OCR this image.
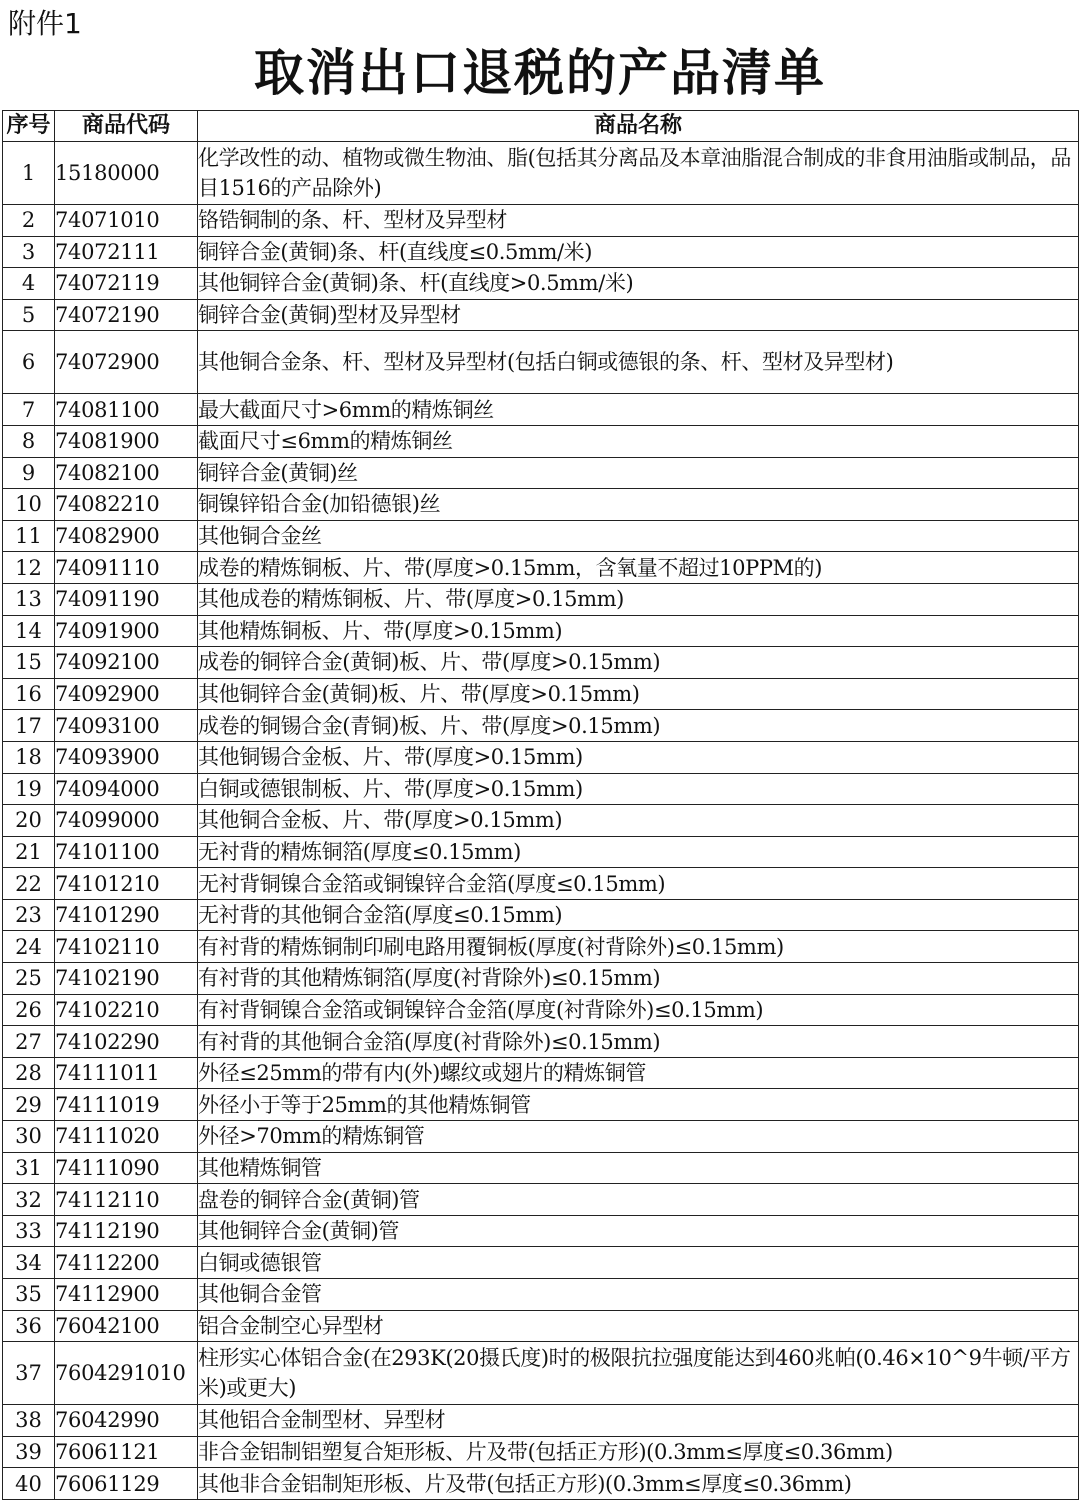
附件1
取消出口退税的产品清单
序号	商品代码	商品名称
1	15180000	化学改性的动、植物或微生物油、脂(包括其分离品及本章油脂混合制成的非食用油脂或制品，品目1516的产品除外)
2	74071010	铬锆铜制的条、杆、型材及异型材
3	74072111	铜锌合金(黄铜)条、杆(直线度≤0.5mm/米)
4	74072119	其他铜锌合金(黄铜)条、杆(直线度>0.5mm/米)
5	74072190	铜锌合金(黄铜)型材及异型材
6	74072900	其他铜合金条、杆、型材及异型材(包括白铜或德银的条、杆、型材及异型材)
7	74081100	最大截面尺寸>6mm的精炼铜丝
8	74081900	截面尺寸≤6mm的精炼铜丝
9	74082100	铜锌合金(黄铜)丝
10	74082210	铜镍锌铅合金(加铅德银)丝
11	74082900	其他铜合金丝
12	74091110	成卷的精炼铜板、片、带(厚度>0.15mm，含氧量不超过10PPM的)
13	74091190	其他成卷的精炼铜板、片、带(厚度>0.15mm)
14	74091900	其他精炼铜板、片、带(厚度>0.15mm)
15	74092100	成卷的铜锌合金(黄铜)板、片、带(厚度>0.15mm)
16	74092900	其他铜锌合金(黄铜)板、片、带(厚度>0.15mm)
17	74093100	成卷的铜锡合金(青铜)板、片、带(厚度>0.15mm)
18	74093900	其他铜锡合金板、片、带(厚度>0.15mm)
19	74094000	白铜或德银制板、片、带(厚度>0.15mm)
20	74099000	其他铜合金板、片、带(厚度>0.15mm)
21	74101100	无衬背的精炼铜箔(厚度≤0.15mm)
22	74101210	无衬背铜镍合金箔或铜镍锌合金箔(厚度≤0.15mm)
23	74101290	无衬背的其他铜合金箔(厚度≤0.15mm)
24	74102110	有衬背的精炼铜制印刷电路用覆铜板(厚度(衬背除外)≤0.15mm)
25	74102190	有衬背的其他精炼铜箔(厚度(衬背除外)≤0.15mm)
26	74102210	有衬背铜镍合金箔或铜镍锌合金箔(厚度(衬背除外)≤0.15mm)
27	74102290	有衬背的其他铜合金箔(厚度(衬背除外)≤0.15mm)
28	74111011	外径≤25mm的带有内(外)螺纹或翅片的精炼铜管
29	74111019	外径小于等于25mm的其他精炼铜管
30	74111020	外径>70mm的精炼铜管
31	74111090	其他精炼铜管
32	74112110	盘卷的铜锌合金(黄铜)管
33	74112190	其他铜锌合金(黄铜)管
34	74112200	白铜或德银管
35	74112900	其他铜合金管
36	76042100	铝合金制空心异型材
37	7604291010	柱形实心体铝合金(在293K(20摄氏度)时的极限抗拉强度能达到460兆帕(0.46×10^9牛顿/平方米)或更大)
38	76042990	其他铝合金制型材、异型材
39	76061121	非合金铝制铝塑复合矩形板、片及带(包括正方形)(0.3mm≤厚度≤0.36mm)
40	76061129	其他非合金铝制矩形板、片及带(包括正方形)(0.3mm≤厚度≤0.36mm)
